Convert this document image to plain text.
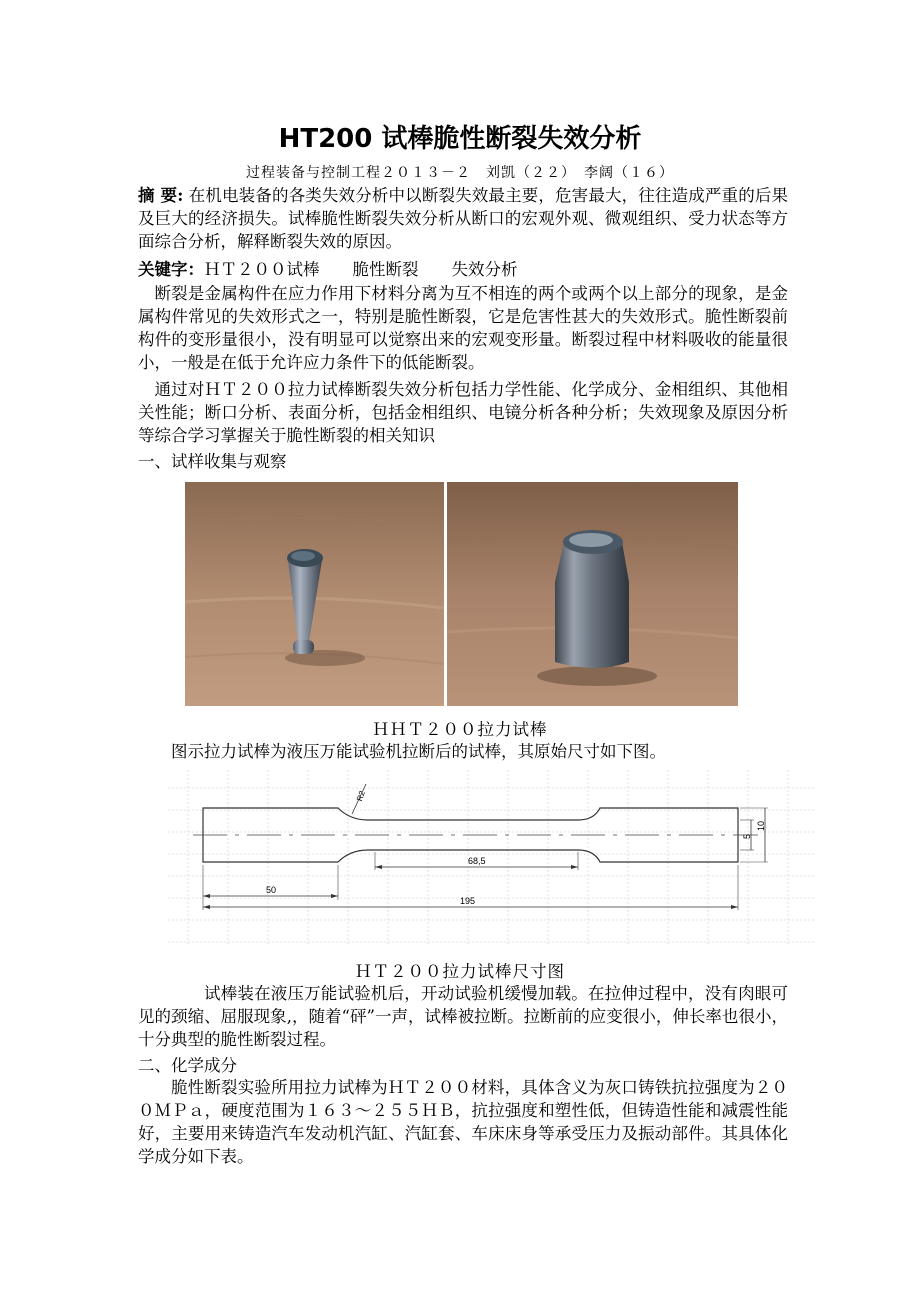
HT200 试棒脆性断裂失效分析
过程装备与控制工程２０１３－２　刘凯（２２）　李阔（１６）
摘 要: 在机电装备的各类失效分析中以断裂失效最主要，危害最大，往往造成严重的后果及巨大的经济损失。试棒脆性断裂失效分析从断口的宏观外观、微观组织、受力状态等方面综合分析，解释断裂失效的原因。
关键字：ＨＴ２００试棒　　脆性断裂　　失效分析
断裂是金属构件在应力作用下材料分离为互不相连的两个或两个以上部分的现象，是金属构件常见的失效形式之一，特别是脆性断裂，它是危害性甚大的失效形式。脆性断裂前构件的变形量很小，没有明显可以觉察出来的宏观变形量。断裂过程中材料吸收的能量很小，一般是在低于允许应力条件下的低能断裂。
通过对ＨＴ２００拉力试棒断裂失效分析包括力学性能、化学成分、金相组织、其他相关性能；断口分析、表面分析，包括金相组织、电镜分析各种分析；失效现象及原因分析等综合学习掌握关于脆性断裂的相关知识
一、试样收集与观察
ＨＨＴ２００拉力试棒
图示拉力试棒为液压万能试验机拉断后的试棒，其原始尺寸如下图。
68,5
50
195
5
10
R2
ＨＴ２００拉力试棒尺寸图
试棒装在液压万能试验机后，开动试验机缓慢加载。在拉伸过程中，没有肉眼可见的颈缩、屈服现象,，随着“砰”一声，试棒被拉断。拉断前的应变很小，伸长率也很小，十分典型的脆性断裂过程。
二、化学成分
脆性断裂实验所用拉力试棒为ＨＴ２００材料，具体含义为灰口铸铁抗拉强度为２００ＭＰａ，硬度范围为１６３～２５５ＨＢ，抗拉强度和塑性低，但铸造性能和减震性能好，主要用来铸造汽车发动机汽缸、汽缸套、车床床身等承受压力及振动部件。其具体化学成分如下表。
